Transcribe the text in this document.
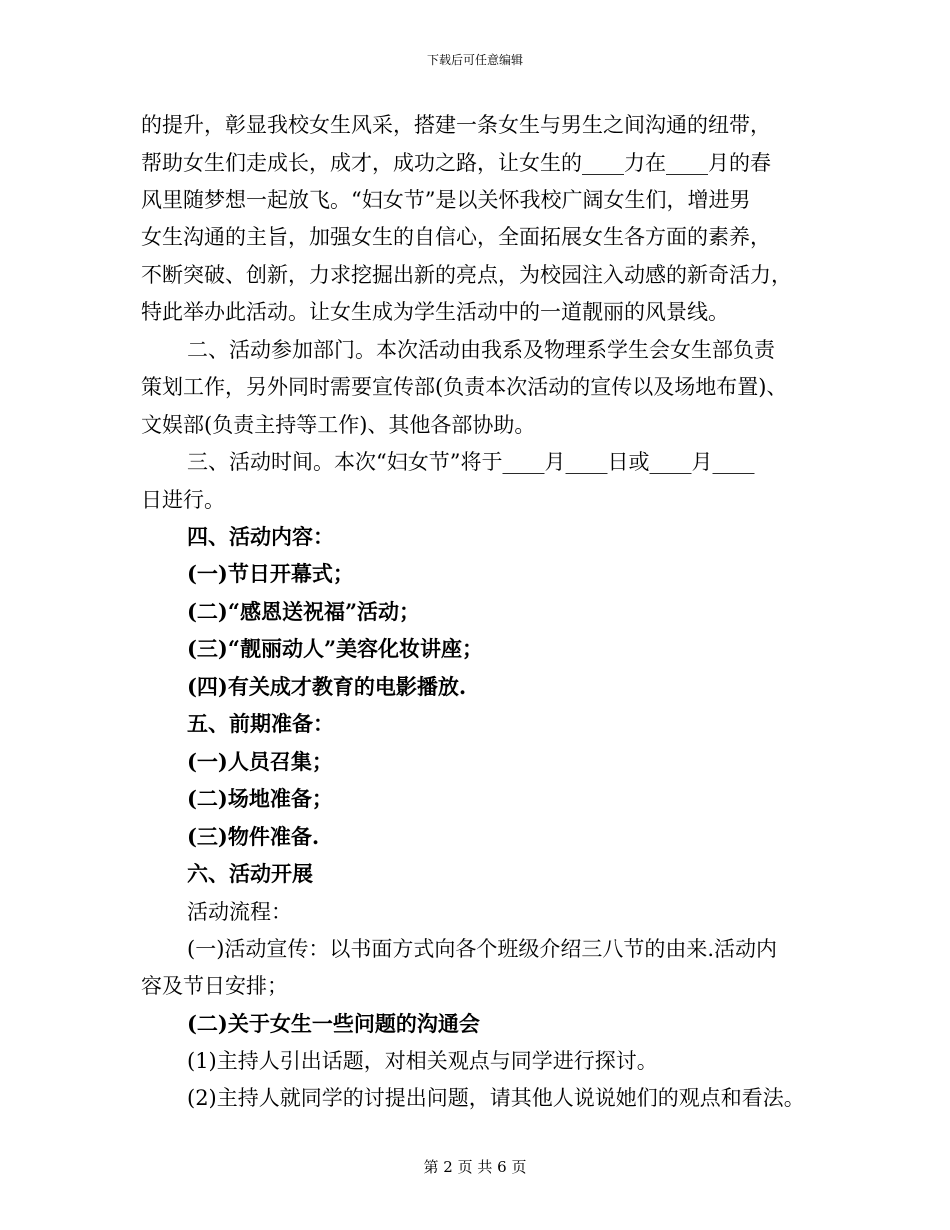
下载后可任意编辑
的提升，彰显我校女生风采，搭建一条女生与男生之间沟通的纽带，
帮助女生们走成长，成才，成功之路，让女生的____力在____月的春
风里随梦想一起放飞。“妇女节”是以关怀我校广阔女生们，增进男
女生沟通的主旨，加强女生的自信心，全面拓展女生各方面的素养，
不断突破、创新，力求挖掘出新的亮点，为校园注入动感的新奇活力，
特此举办此活动。让女生成为学生活动中的一道靓丽的风景线。
二、活动参加部门。本次活动由我系及物理系学生会女生部负责
策划工作，另外同时需要宣传部(负责本次活动的宣传以及场地布置)、
文娱部(负责主持等工作)、其他各部协助。
三、活动时间。本次“妇女节”将于____月____日或____月____
日进行。
四、活动内容：
(一)节日开幕式；
(二)“感恩送祝福”活动；
(三)“靓丽动人”美容化妆讲座；
(四)有关成才教育的电影播放.
五、前期准备：
(一)人员召集；
(二)场地准备；
(三)物件准备.
六、活动开展
活动流程：
(一)活动宣传：以书面方式向各个班级介绍三八节的由来.活动内
容及节日安排；
(二)关于女生一些问题的沟通会
(1)主持人引出话题，对相关观点与同学进行探讨。
(2)主持人就同学的讨提出问题，请其他人说说她们的观点和看法。
第 2 页 共 6 页
